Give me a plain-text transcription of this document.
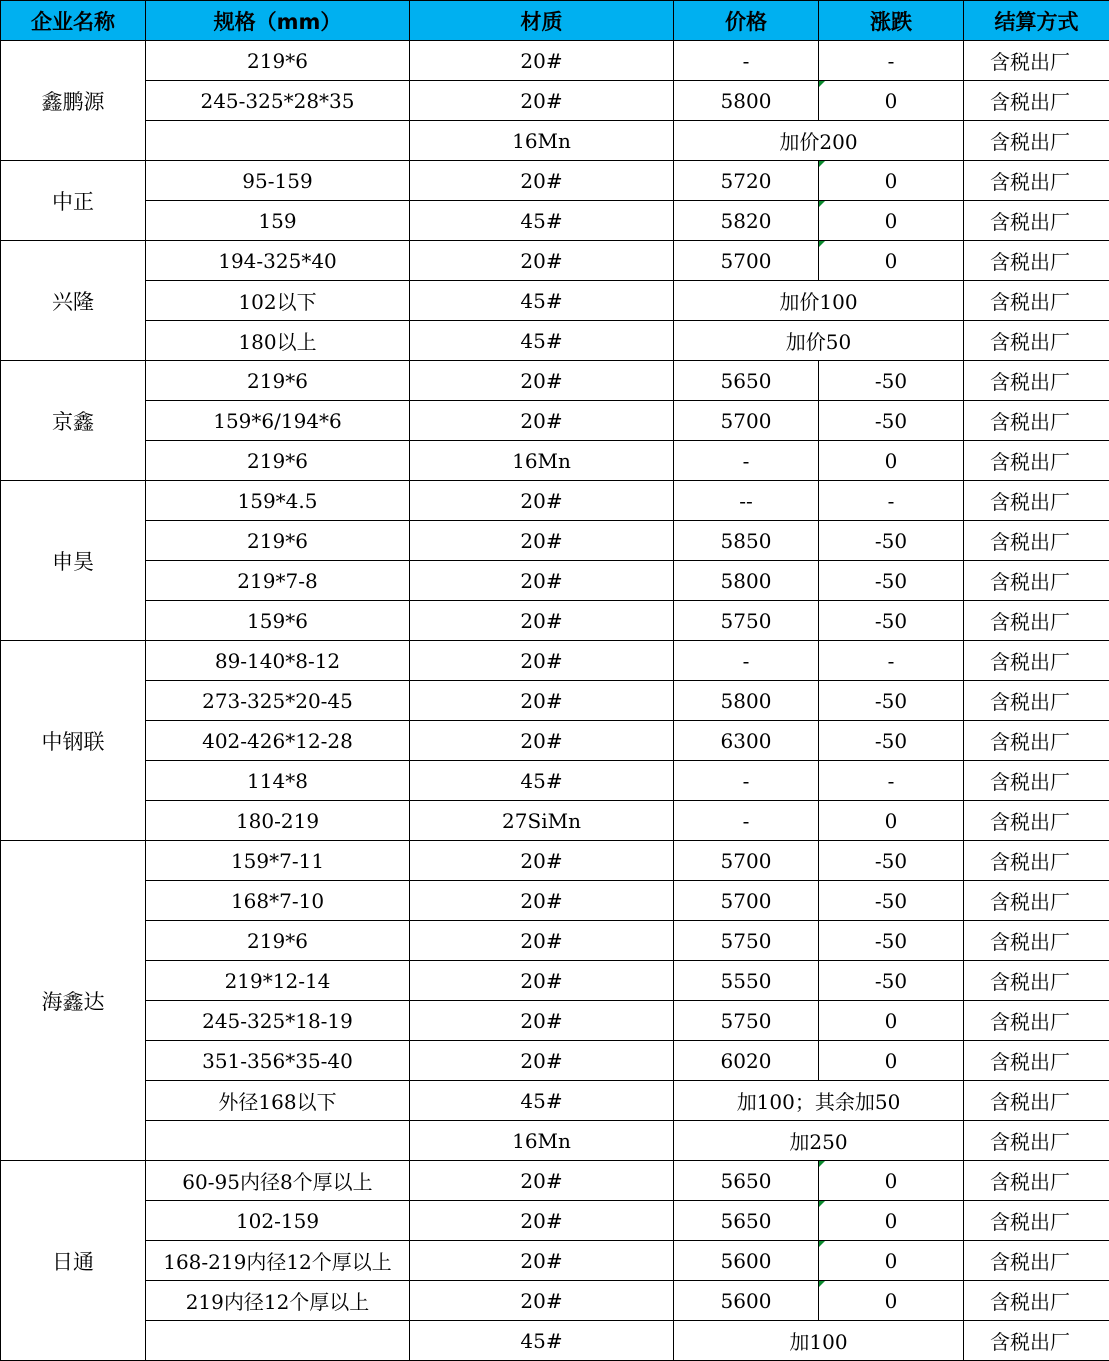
企业名称	规格（mm）	材质	价格	涨跌	结算方式
鑫鹏源	219*6	20#	-	-	含税出厂
	245-325*28*35	20#	5800	0	含税出厂
		16Mn	加价200		含税出厂
中正	95-159	20#	5720	0	含税出厂
	159	45#	5820	0	含税出厂
兴隆	194-325*40	20#	5700	0	含税出厂
	102以下	45#	加价100		含税出厂
	180以上	45#	加价50		含税出厂
京鑫	219*6	20#	5650	-50	含税出厂
	159*6/194*6	20#	5700	-50	含税出厂
	219*6	16Mn	-	0	含税出厂
申昊	159*4.5	20#	--	-	含税出厂
	219*6	20#	5850	-50	含税出厂
	219*7-8	20#	5800	-50	含税出厂
	159*6	20#	5750	-50	含税出厂
中钢联	89-140*8-12	20#	-	-	含税出厂
	273-325*20-45	20#	5800	-50	含税出厂
	402-426*12-28	20#	6300	-50	含税出厂
	114*8	45#	-	-	含税出厂
	180-219	27SiMn	-	0	含税出厂
海鑫达	159*7-11	20#	5700	-50	含税出厂
	168*7-10	20#	5700	-50	含税出厂
	219*6	20#	5750	-50	含税出厂
	219*12-14	20#	5550	-50	含税出厂
	245-325*18-19	20#	5750	0	含税出厂
	351-356*35-40	20#	6020	0	含税出厂
	外径168以下	45#	加100；其余加50		含税出厂
		16Mn	加250		含税出厂
日通	60-95内径8个厚以上	20#	5650	0	含税出厂
	102-159	20#	5650	0	含税出厂
	168-219内径12个厚以上	20#	5600	0	含税出厂
	219内径12个厚以上	20#	5600	0	含税出厂
		45#	加100		含税出厂
